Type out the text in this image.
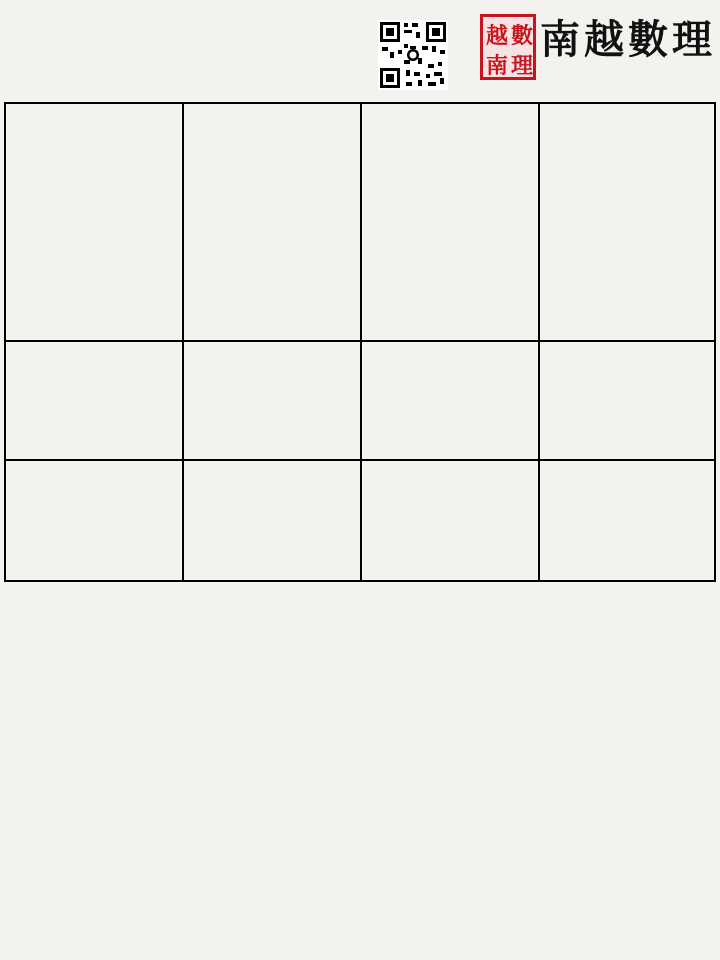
越 數
南 理
南越數理
